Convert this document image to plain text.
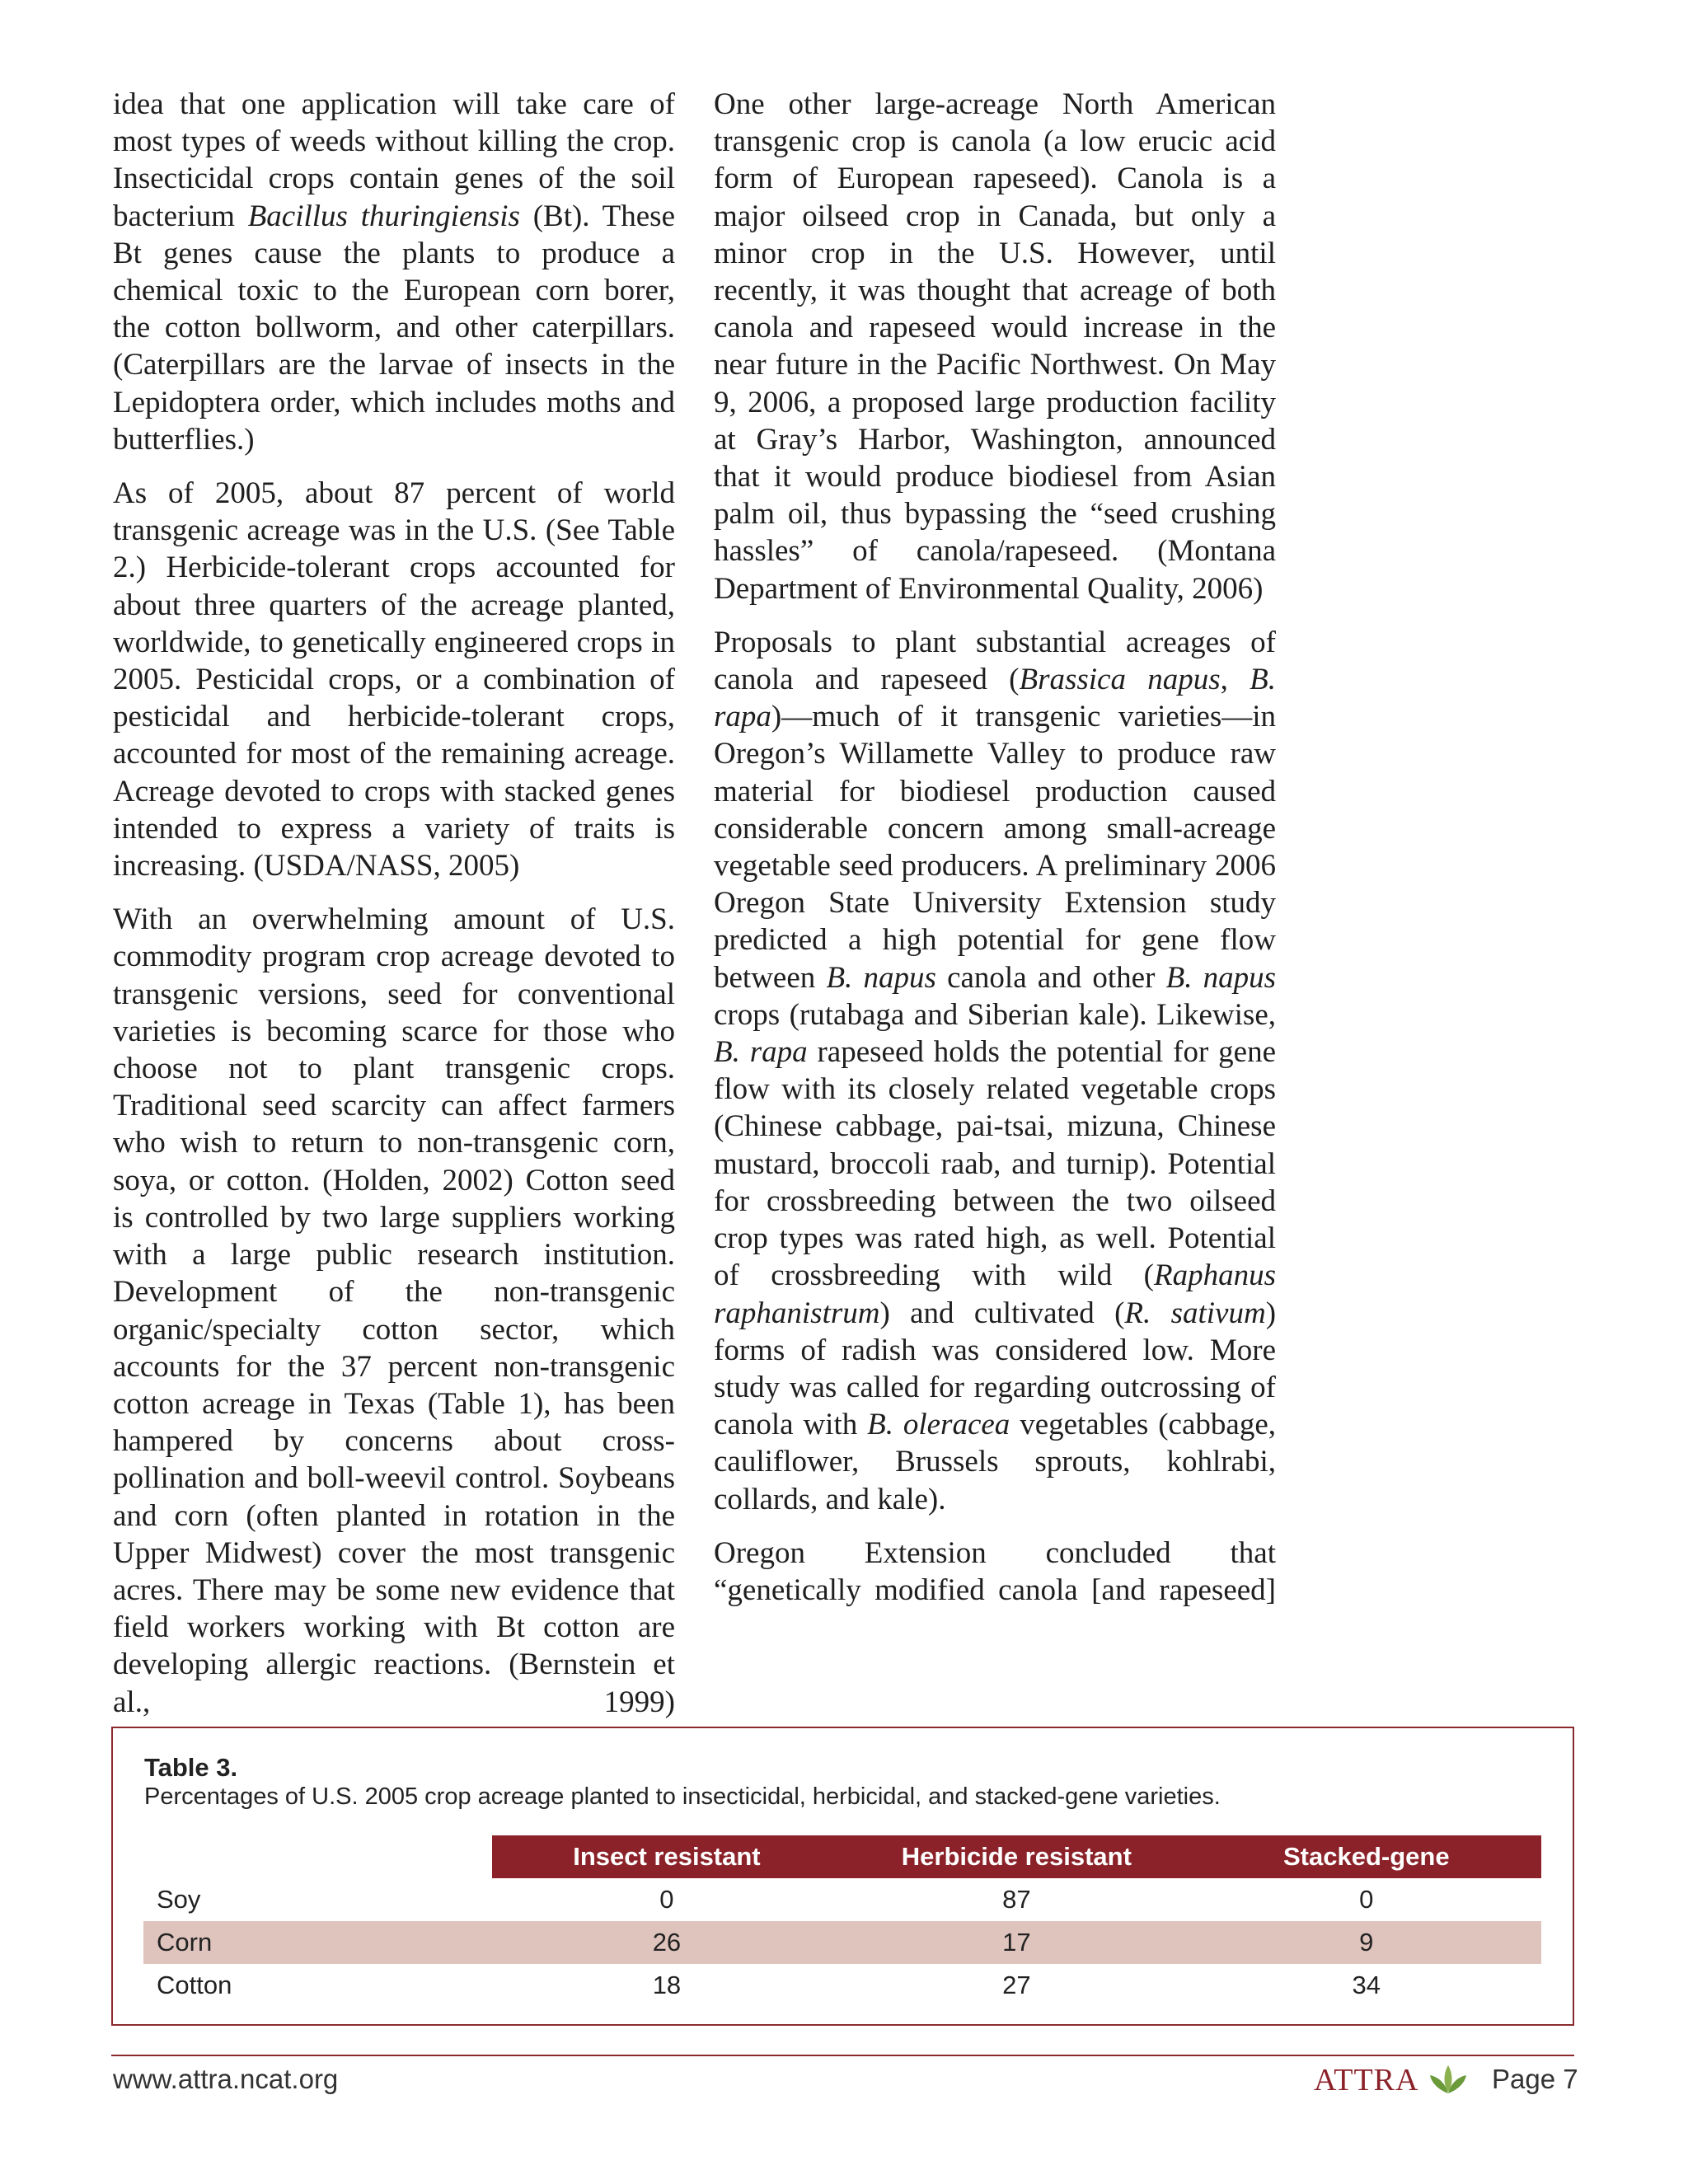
idea that one application will take care of most types of weeds without killing the crop. Insecticidal crops contain genes of the soil bacterium Bacillus thuringiensis (Bt). These Bt genes cause the plants to produce a chemical toxic to the European corn borer, the cotton bollworm, and other caterpillars. (Caterpillars are the larvae of insects in the Lepidoptera order, which includes moths and butterflies.)

As of 2005, about 87 percent of world transgenic acreage was in the U.S. (See Table 2.) Herbicide-tolerant crops accounted for about three quarters of the acreage planted, worldwide, to genetically engineered crops in 2005. Pesticidal crops, or a combination of pesticidal and herbicide-tolerant crops, accounted for most of the remaining acreage. Acreage devoted to crops with stacked genes intended to express a variety of traits is increasing. (USDA/NASS, 2005)

With an overwhelming amount of U.S. commodity program crop acreage devoted to transgenic versions, seed for conventional varieties is becoming scarce for those who choose not to plant transgenic crops. Traditional seed scarcity can affect farmers who wish to return to non-transgenic corn, soya, or cotton. (Holden, 2002) Cotton seed is controlled by two large suppliers working with a large public research institution. Development of the non-transgenic organic/specialty cotton sector, which accounts for the 37 percent non-transgenic cotton acreage in Texas (Table 1), has been hampered by concerns about cross-pollination and boll-weevil control. Soybeans and corn (often planted in rotation in the Upper Midwest) cover the most transgenic acres. There may be some new evidence that field workers working with Bt cotton are developing allergic reactions. (Bernstein et al., 1999)

One other large-acreage North American transgenic crop is canola (a low erucic acid form of European rapeseed). Canola is a major oilseed crop in Canada, but only a minor crop in the U.S. However, until recently, it was thought that acreage of both canola and rapeseed would increase in the near future in the Pacific Northwest. On May 9, 2006, a proposed large production facility at Gray’s Harbor, Washington, announced that it would produce biodiesel from Asian palm oil, thus bypassing the “seed crushing hassles” of canola/rapeseed. (Montana Department of Environmental Quality, 2006)

Proposals to plant substantial acreages of canola and rapeseed (Brassica napus, B. rapa)—much of it transgenic varieties—in Oregon’s Willamette Valley to produce raw material for biodiesel production caused considerable concern among small-acreage vegetable seed producers. A preliminary 2006 Oregon State University Extension study predicted a high potential for gene flow between B. napus canola and other B. napus crops (rutabaga and Siberian kale). Likewise, B. rapa rapeseed holds the potential for gene flow with its closely related vegetable crops (Chinese cabbage, pai-tsai, mizuna, Chinese mustard, broccoli raab, and turnip). Potential for crossbreeding between the two oilseed crop types was rated high, as well. Potential of crossbreeding with wild (Raphanus raphanistrum) and cultivated (R. sativum) forms of radish was considered low. More study was called for regarding outcrossing of canola with B. oleracea vegetables (cabbage, cauliflower, Brussels sprouts, kohlrabi, collards, and kale).

Oregon Extension concluded that “genetically modified canola [and rapeseed]

Table 3.
Percentages of U.S. 2005 crop acreage planted to insecticidal, herbicidal, and stacked-gene varieties.
	Insect resistant	Herbicide resistant	Stacked-gene
Soy	0	87	0
Corn	26	17	9
Cotton	18	27	34
www.attra.ncat.org	ATTRA	Page 7
